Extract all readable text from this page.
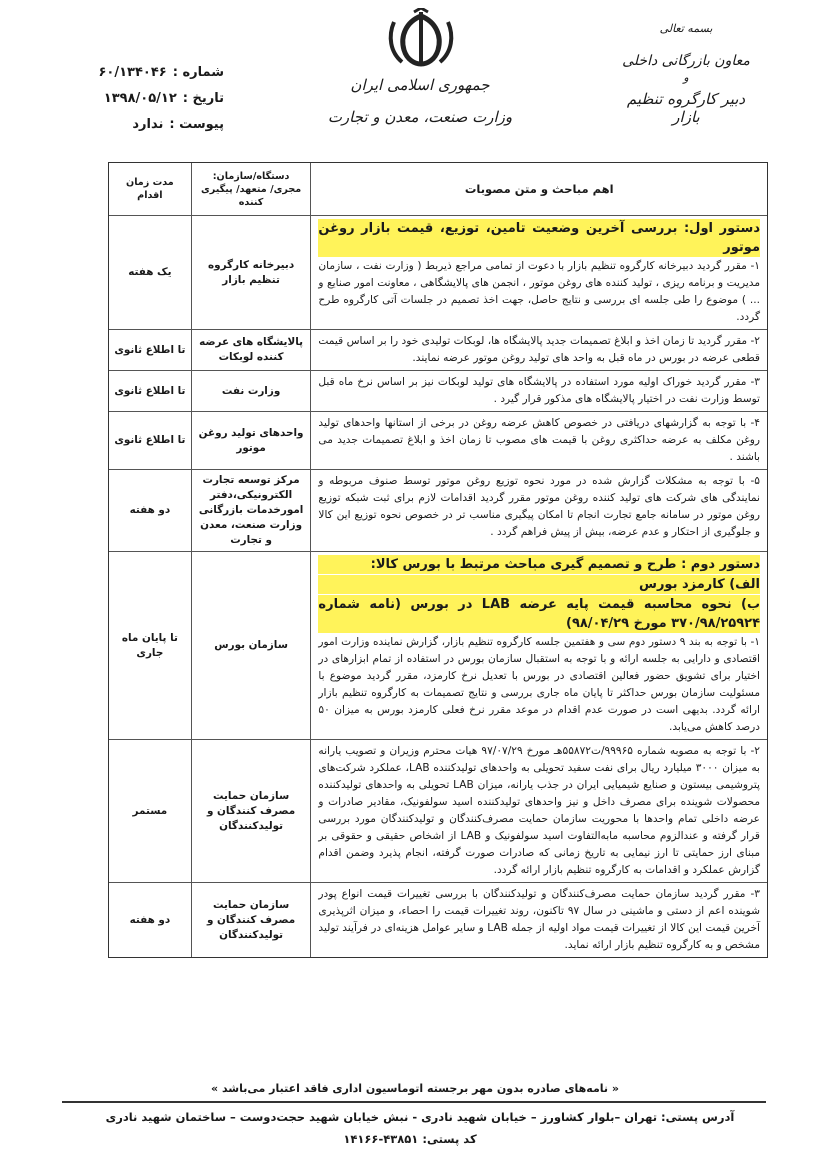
جمهوری اسلامی ایران
وزارت صنعت، معدن و تجارت
بسمه تعالی
معاون بازرگانی داخلی
و
دبیر کارگروه تنظیم بازار
شماره :۶۰/۱۳۴۰۴۶
تاریخ :۱۳۹۸/۰۵/۱۲
پیوست :ندارد
اهم مباحث و متن مصوبات
دستگاه/سازمان: مجری/ متعهد/ پیگیری کننده
مدت زمان اقدام
دستور اول: بررسی آخرین وضعیت تامین، توزیع، قیمت بازار روغن موتور
۱- مقرر گردید دبیرخانه کارگروه تنظیم بازار با دعوت از تمامی مراجع ذیربط ( وزارت نفت ، سازمان مدیریت و برنامه ریزی ، تولید کننده های روغن موتور ، انجمن های پالایشگاهی ، معاونت امور صنایع و ... ) موضوع را طی جلسه ای بررسی و نتایج حاصل، جهت اخذ تصمیم در جلسات آتی کارگروه طرح گردد.
دبیرخانه کارگروه تنظیم بازار
یک هفته
۲- مقرر گردید تا زمان اخذ و ابلاغ تصمیمات جدید پالایشگاه ها، لوبکات تولیدی خود را بر اساس قیمت قطعی عرضه در بورس در ماه قبل به واحد های تولید روغن موتور عرضه نمایند.
پالایشگاه های عرضه کننده لوبکات
تا اطلاع ثانوی
۳- مقرر گردید خوراک اولیه مورد استفاده در پالایشگاه های تولید لوبکات نیز بر اساس نرخ ماه قبل توسط وزارت نفت در اختیار پالایشگاه های مذکور قرار گیرد .
وزارت نفت
تا اطلاع ثانوی
۴- با توجه به گزارشهای دریافتی در خصوص کاهش عرضه روغن در برخی از استانها واحدهای تولید روغن مکلف به عرضه حداکثری روغن با قیمت های مصوب تا زمان اخذ و ابلاغ تصمیمات جدید می باشند .
واحدهای تولید روغن موتور
تا اطلاع ثانوی
۵- با توجه به مشکلات گزارش شده در مورد نحوه توزیع روغن موتور توسط صنوف مربوطه و نمایندگی های شرکت های تولید کننده روغن موتور مقرر گردید اقدامات لازم برای ثبت شبکه توزیع روغن موتور در سامانه جامع تجارت انجام تا امکان پیگیری مناسب تر در خصوص نحوه توزیع این کالا و جلوگیری از احتکار و عدم عرضه، بیش از پیش فراهم گردد .
مرکز توسعه تجارت الکترونیکی،دفتر امورخدمات بازرگانی وزارت صنعت، معدن و تجارت
دو هفته
دستور دوم : طرح و تصمیم گیری مباحث مرتبط با بورس کالا:
الف) کارمزد بورس
ب) نحوه محاسبه قیمت پایه عرضه LAB در بورس (نامه شماره ۳۷۰/۹۸/۲۵۹۲۴ مورخ ۹۸/۰۴/۲۹)
۱- با توجه به بند ۹ دستور دوم سی و هفتمین جلسه کارگروه تنظیم بازار، گزارش نماینده وزارت امور اقتصادی و دارایی به جلسه ارائه و با توجه به استقبال سازمان بورس در استفاده از تمام ابزارهای در اختیار برای تشویق حضور فعالین اقتصادی در بورس با تعدیل نرخ کارمزد، مقرر گردید موضوع با مسئولیت سازمان بورس حداکثر تا پایان ماه جاری بررسی و نتایج تصمیمات به کارگروه تنظیم بازار ارائه گردد. بدیهی است در صورت عدم اقدام در موعد مقرر نرخ فعلی کارمزد بورس به میزان ۵۰ درصد کاهش می‌یابد.
سازمان بورس
تا پایان ماه جاری
۲- با توجه به مصوبه شماره ۹۹۹۶۵/ت۵۵۸۷۲هـ مورخ ۹۷/۰۷/۲۹ هیات محترم وزیران و تصویب یارانه به میزان ۳۰۰۰ میلیارد ریال برای نفت سفید تحویلی به واحدهای تولیدکننده LAB، عملکرد شرکت‌های پتروشیمی بیستون و صنایع شیمیایی ایران در جذب یارانه، میزان LAB تحویلی به واحدهای تولیدکننده محصولات شوینده برای مصرف داخل و نیز واحدهای تولیدکننده اسید سولفونیک، مقادیر صادرات و عرضه داخلی تمام واحدها با محوریت سازمان حمایت مصرف‌کنندگان و تولیدکنندگان مورد بررسی قرار گرفته و عندالزوم محاسبه مابه‌التفاوت اسید سولفونیک و LAB از اشخاص حقیقی و حقوقی بر مبنای ارز حمایتی تا ارز نیمایی به تاریخ زمانی که صادرات صورت گرفته، انجام پذیرد وضمن اقدام گزارش عملکرد و اقدامات به کارگروه تنظیم بازار ارائه گردد.
سازمان حمایت مصرف کنندگان و تولیدکنندگان
مستمر
۳- مقرر گردید سازمان حمایت مصرف‌کنندگان و تولیدکنندگان با بررسی تغییرات قیمت انواع پودر شوینده اعم از دستی و ماشینی در سال ۹۷ تاکنون، روند تغییرات قیمت را احصاء، و میزان اثرپذیری آخرین قیمت این کالا از تغییرات قیمت مواد اولیه از جمله LAB و سایر عوامل هزینه‌ای در فرآیند تولید مشخص و به کارگروه تنظیم بازار ارائه نماید.
سازمان حمایت مصرف کنندگان و تولیدکنندگان
دو هفته
« نامه‌های صادره بدون مهر برجسته اتوماسیون اداری فاقد اعتبار می‌باشد »
آدرس پستی: تهران –بلوار کشاورز – خیابان شهید نادری - نبش خیابان شهید حجت‌دوست – ساختمان شهید نادری
کد پستی: ۴۳۸۵۱-۱۴۱۶۶
